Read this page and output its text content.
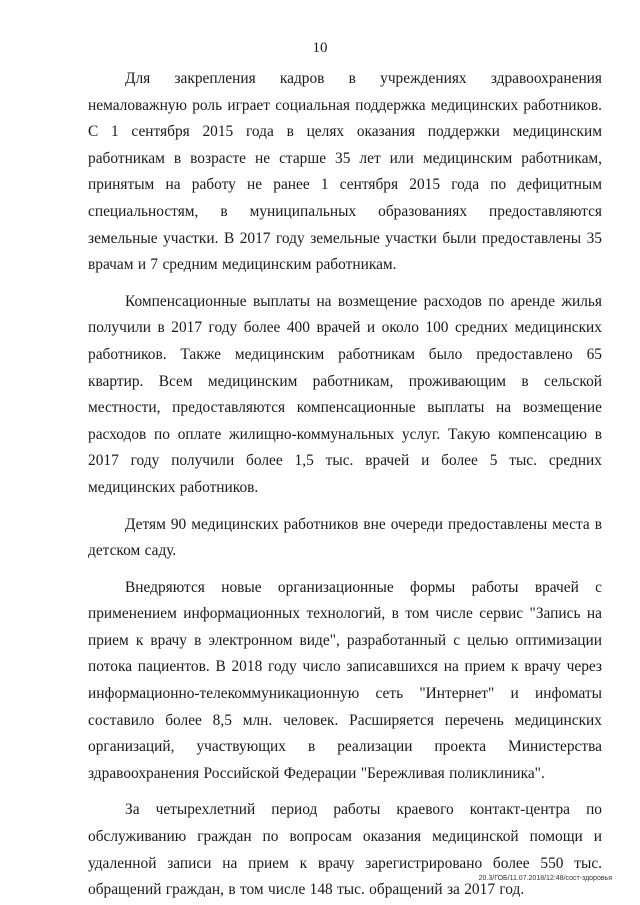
10

Для закрепления кадров в учреждениях здравоохранения немаловажную роль играет социальная поддержка медицинских работников. С 1 сентября 2015 года в целях оказания поддержки медицинским работникам в возрасте не старше 35 лет или медицинским работникам, принятым на работу не ранее 1 сентября 2015 года по дефицитным специальностям, в муниципальных образованиях предоставляются земельные участки. В 2017 году земельные участки были предоставлены 35 врачам и 7 средним медицинским работникам.

Компенсационные выплаты на возмещение расходов по аренде жилья получили в 2017 году более 400 врачей и около 100 средних медицинских работников. Также медицинским работникам было предоставлено 65 квартир. Всем медицинским работникам, проживающим в сельской местности, предоставляются компенсационные выплаты на возмещение расходов по оплате жилищно-коммунальных услуг. Такую компенсацию в 2017 году получили более 1,5 тыс. врачей и более 5 тыс. средних медицинских работников.

Детям 90 медицинских работников вне очереди предоставлены места в детском саду.

Внедряются новые организационные формы работы врачей с применением информационных технологий, в том числе сервис "Запись на прием к врачу в электронном виде", разработанный с целью оптимизации потока пациентов. В 2018 году число записавшихся на прием к врачу через информационно-телекоммуникационную сеть "Интернет" и инфоматы составило более 8,5 млн. человек. Расширяется перечень медицинских организаций, участвующих в реализации проекта Министерства здравоохранения Российской Федерации "Бережливая поликлиника".

За четырехлетний период работы краевого контакт-центра по обслуживанию граждан по вопросам оказания медицинской помощи и удаленной записи на прием к врачу зарегистрировано более 550 тыс. обращений граждан, в том числе 148 тыс. обращений за 2017 год.

20.3/ГОБ/11.07.2018/12:48/сост-здоровья
